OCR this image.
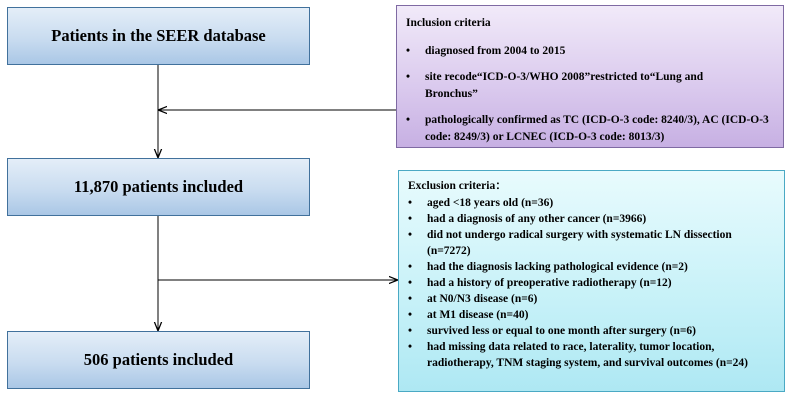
Patients in the SEER database
11,870 patients included
506 patients included
Inclusion criteria
• diagnosed from 2004 to 2015
• site recode“ICD-O-3/WHO 2008”restricted to“Lung and Bronchus”
• pathologically confirmed as TC (ICD-O-3 code: 8240/3), AC (ICD-O-3 code: 8249/3) or LCNEC (ICD-O-3 code: 8013/3)
Exclusion criteria：
• aged <18 years old (n=36)
• had a diagnosis of any other cancer (n=3966)
• did not undergo radical surgery with systematic LN dissection (n=7272)
• had the diagnosis lacking pathological evidence (n=2)
• had a history of preoperative radiotherapy (n=12)
• at N0/N3 disease (n=6)
• at M1 disease (n=40)
• survived less or equal to one month after surgery (n=6)
• had missing data related to race, laterality, tumor location, radiotherapy, TNM staging system, and survival outcomes (n=24)
